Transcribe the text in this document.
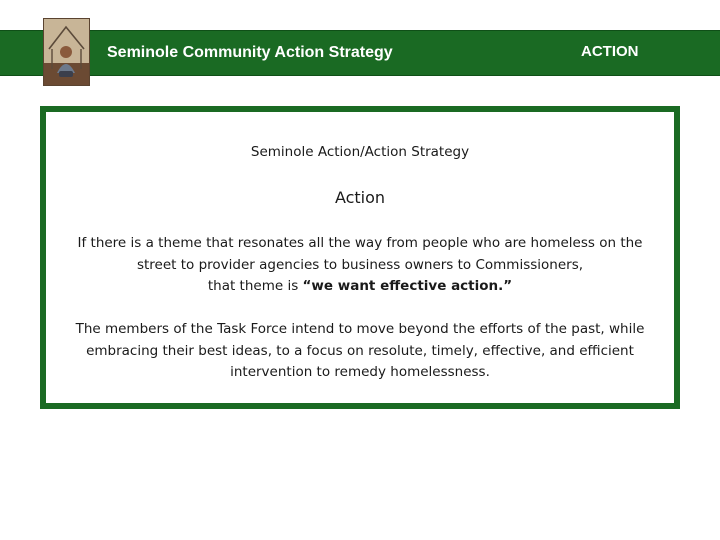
Seminole Community Action Strategy	ACTION
Seminole Action/Action Strategy
Action
If there is a theme that resonates all the way from people who are homeless on the
street to provider agencies to business owners to Commissioners,
that theme is “we want effective action.”
The members of the Task Force intend to move beyond the efforts of the past, while
embracing their best ideas, to a focus on resolute, timely, effective, and efficient
intervention to remedy homelessness.
